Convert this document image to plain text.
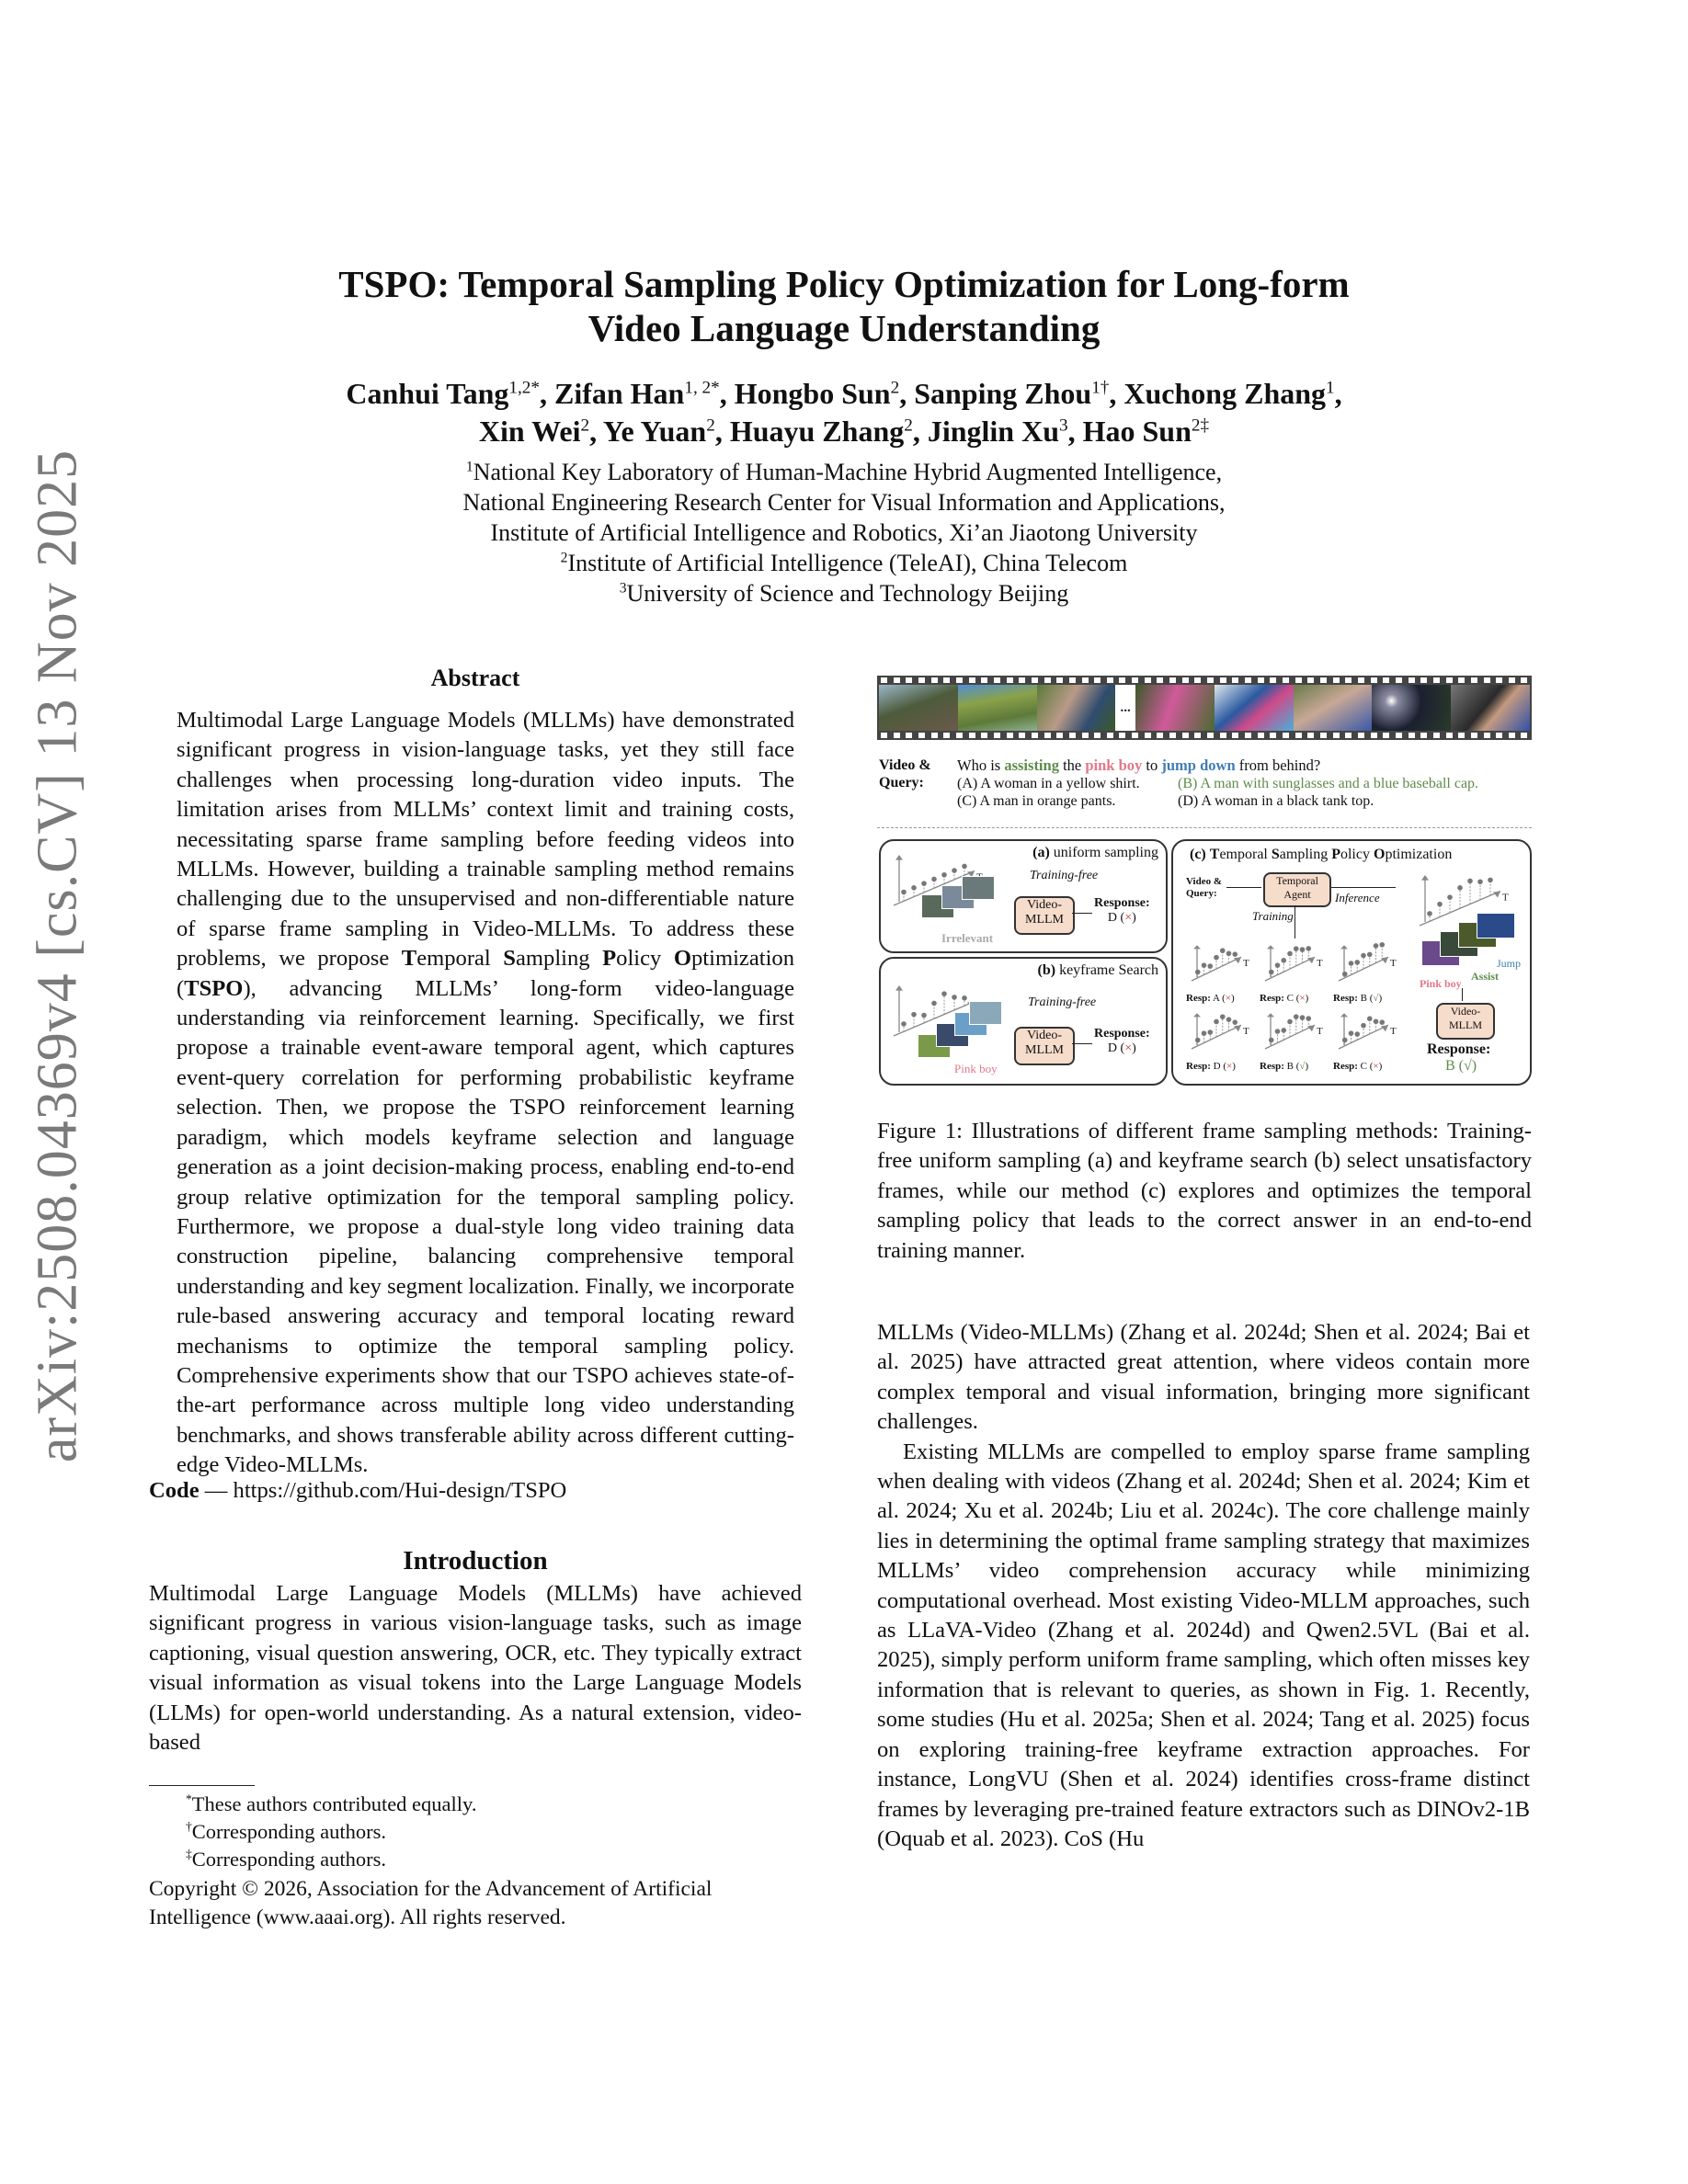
arXiv:2508.04369v4 [cs.CV] 13 Nov 2025
TSPO: Temporal Sampling Policy Optimization for Long-form
Video Language Understanding
Canhui Tang$^{1,2*}$, Zifan Han$^{1, 2*}$, Hongbo Sun$^2$, Sanping Zhou$^{1\dagger}$, Xuchong Zhang$^1$,
Xin Wei$^2$, Ye Yuan$^2$, Huayu Zhang$^2$, Jinglin Xu$^3$, Hao Sun$^{2\ddagger}$
$^1$National Key Laboratory of Human-Machine Hybrid Augmented Intelligence,
National Engineering Research Center for Visual Information and Applications,
Institute of Artificial Intelligence and Robotics, Xi’an Jiaotong University
$^2$Institute of Artificial Intelligence (TeleAI), China Telecom
$^3$University of Science and Technology Beijing
Abstract

Multimodal Large Language Models (MLLMs) have demonstrated significant progress in vision-language tasks, yet they still face challenges when processing long-duration video inputs. The limitation arises from MLLMs’ context limit and training costs, necessitating sparse frame sampling before feeding videos into MLLMs. However, building a trainable sampling method remains challenging due to the unsupervised and non-differentiable nature of sparse frame sampling in Video-MLLMs. To address these problems, we propose Temporal Sampling Policy Optimization (TSPO), advancing MLLMs’ long-form video-language understanding via reinforcement learning. Specifically, we first propose a trainable event-aware temporal agent, which captures event-query correlation for performing probabilistic keyframe selection. Then, we propose the TSPO reinforcement learning paradigm, which models keyframe selection and language generation as a joint decision-making process, enabling end-to-end group relative optimization for the temporal sampling policy. Furthermore, we propose a dual-style long video training data construction pipeline, balancing comprehensive temporal understanding and key segment localization. Finally, we incorporate rule-based answering accuracy and temporal locating reward mechanisms to optimize the temporal sampling policy. Comprehensive experiments show that our TSPO achieves state-of-the-art performance across multiple long video understanding benchmarks, and shows transferable ability across different cutting-edge Video-MLLMs.

Code — https://github.com/Hui-design/TSPO
Introduction

Multimodal Large Language Models (MLLMs) have achieved significant progress in various vision-language tasks, such as image captioning, visual question answering, OCR, etc. They typically extract visual information as visual tokens into the Large Language Models (LLMs) for open-world understanding. As a natural extension, video-based

*These authors contributed equally.
†Corresponding authors.
‡Corresponding authors.
Copyright © 2026, Association for the Advancement of Artificial Intelligence (www.aaai.org). All rights reserved.
...
Video &
Query:
Who is assisting the pink boy to jump down from behind?
(A) A woman in a yellow shirt.	(B) A man with sunglasses and a blue baseball cap.
(C) A man in orange pants.	(D) A woman in a black tank top.
(a) uniform sampling
Irrelevant
Training-free
Video-
MLLM
Response:
D (×)
(b) keyframe Search
Pink boy
Training-free
Video-
MLLM
Response:
D (×)
(c) Temporal Sampling Policy Optimization
Video &
Query:
Temporal
Agent	Inference
Training
T
Resp: A (×)
T
Resp: C (×)
T
Resp: B (√)
T
Resp: D (×)
T
Resp: B (√)
T
Resp: C (×)
T
Jump
Assist
Pink boy
Video-
MLLM
Response:
B (√)
Figure 1: Illustrations of different frame sampling methods: Training-free uniform sampling (a) and keyframe search (b) select unsatisfactory frames, while our method (c) explores and optimizes the temporal sampling policy that leads to the correct answer in an end-to-end training manner.

MLLMs (Video-MLLMs) (Zhang et al. 2024d; Shen et al. 2024; Bai et al. 2025) have attracted great attention, where videos contain more complex temporal and visual information, bringing more significant challenges.

Existing MLLMs are compelled to employ sparse frame sampling when dealing with videos (Zhang et al. 2024d; Shen et al. 2024; Kim et al. 2024; Xu et al. 2024b; Liu et al. 2024c). The core challenge mainly lies in determining the optimal frame sampling strategy that maximizes MLLMs’ video comprehension accuracy while minimizing computational overhead. Most existing Video-MLLM approaches, such as LLaVA-Video (Zhang et al. 2024d) and Qwen2.5VL (Bai et al. 2025), simply perform uniform frame sampling, which often misses key information that is relevant to queries, as shown in Fig. 1. Recently, some studies (Hu et al. 2025a; Shen et al. 2024; Tang et al. 2025) focus on exploring training-free keyframe extraction approaches. For instance, LongVU (Shen et al. 2024) identifies cross-frame distinct frames by leveraging pre-trained feature extractors such as DINOv2-1B (Oquab et al. 2023). CoS (Hu
